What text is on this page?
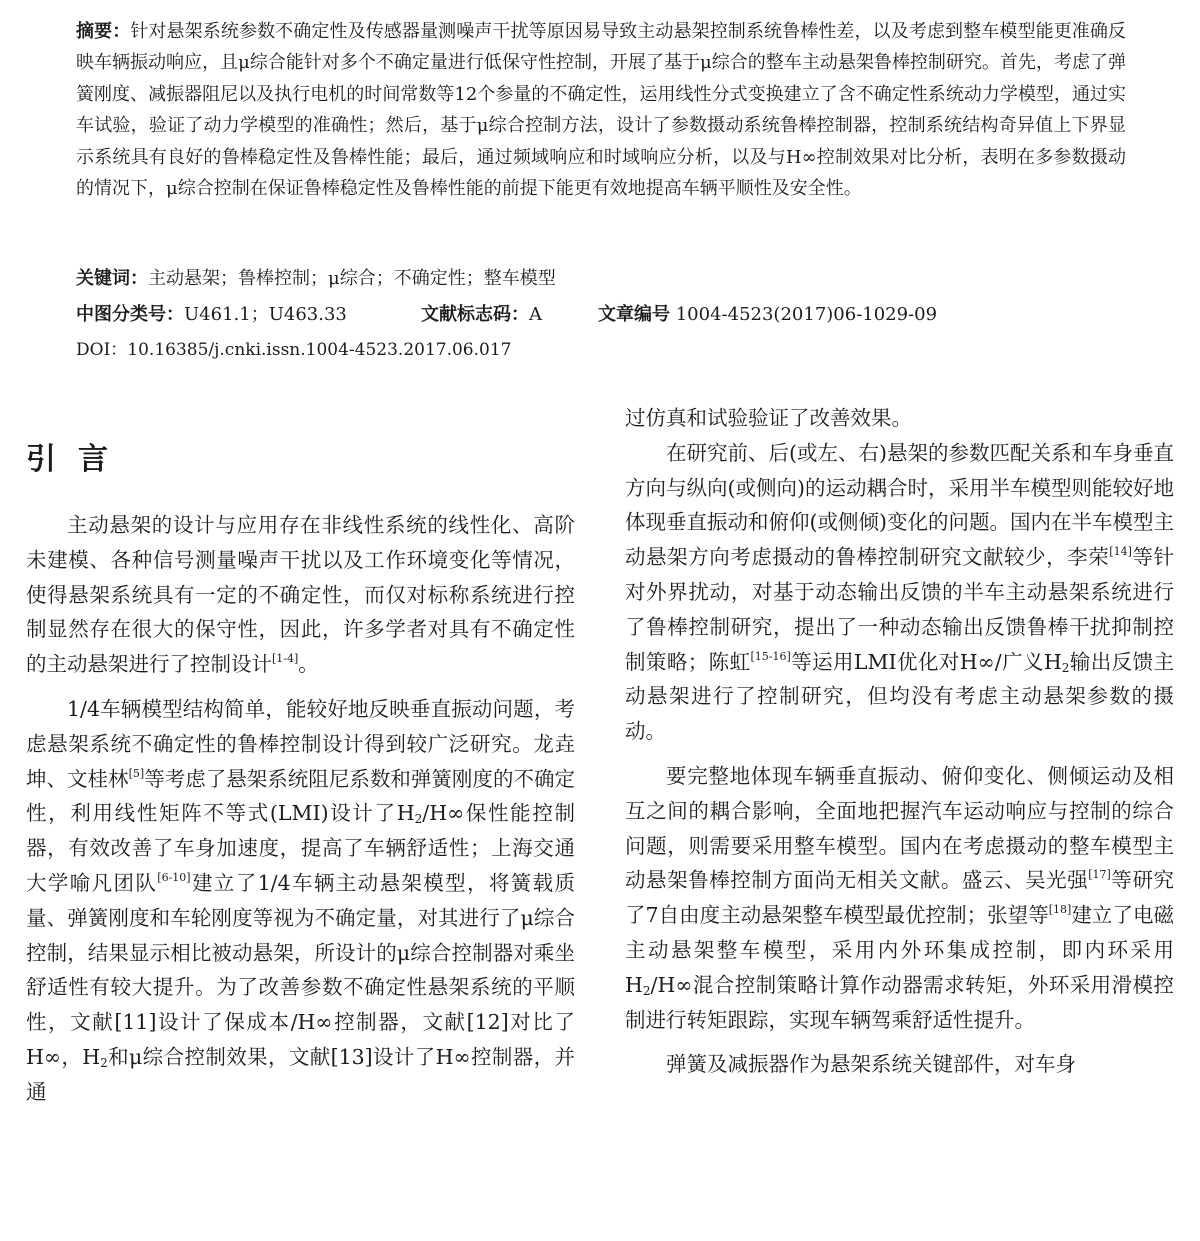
摘要：针对悬架系统参数不确定性及传感器量测噪声干扰等原因易导致主动悬架控制系统鲁棒性差，以及考虑到整车模型能更准确反映车辆振动响应，且μ综合能针对多个不确定量进行低保守性控制，开展了基于μ综合的整车主动悬架鲁棒控制研究。首先，考虑了弹簧刚度、减振器阻尼以及执行电机的时间常数等12个参量的不确定性，运用线性分式变换建立了含不确定性系统动力学模型，通过实车试验，验证了动力学模型的准确性；然后，基于μ综合控制方法，设计了参数摄动系统鲁棒控制器，控制系统结构奇异值上下界显示系统具有良好的鲁棒稳定性及鲁棒性能；最后，通过频域响应和时域响应分析，以及与H∞控制效果对比分析，表明在多参数摄动的情况下，μ综合控制在保证鲁棒稳定性及鲁棒性能的前提下能更有效地提高车辆平顺性及安全性。
关键词：主动悬架；鲁棒控制；μ综合；不确定性；整车模型
中图分类号：U461.1；U463.33	文献标志码：A	文章编号 1004-4523(2017)06-1029-09
DOI：10.16385/j.cnki.issn.1004-4523.2017.06.017
引言

主动悬架的设计与应用存在非线性系统的线性化、高阶未建模、各种信号测量噪声干扰以及工作环境变化等情况，使得悬架系统具有一定的不确定性，而仅对标称系统进行控制显然存在很大的保守性，因此，许多学者对具有不确定性的主动悬架进行了控制设计[1-4]。

1/4车辆模型结构简单，能较好地反映垂直振动问题，考虑悬架系统不确定性的鲁棒控制设计得到较广泛研究。龙垚坤、文桂林[5]等考虑了悬架系统阻尼系数和弹簧刚度的不确定性，利用线性矩阵不等式(LMI)设计了$H_2/H\infty$保性能控制器，有效改善了车身加速度，提高了车辆舒适性；上海交通大学喻凡团队[6-10]建立了1/4车辆主动悬架模型，将簧载质量、弹簧刚度和车轮刚度等视为不确定量，对其进行了μ综合控制，结果显示相比被动悬架，所设计的μ综合控制器对乘坐舒适性有较大提升。为了改善参数不确定性悬架系统的平顺性，文献[11]设计了保成本/H∞控制器，文献[12]对比了H∞，$H_2$和μ综合控制效果，文献[13]设计了H∞控制器，并通

过仿真和试验验证了改善效果。

在研究前、后(或左、右)悬架的参数匹配关系和车身垂直方向与纵向(或侧向)的运动耦合时，采用半车模型则能较好地体现垂直振动和俯仰(或侧倾)变化的问题。国内在半车模型主动悬架方向考虑摄动的鲁棒控制研究文献较少，李荣[14]等针对外界扰动，对基于动态输出反馈的半车主动悬架系统进行了鲁棒控制研究，提出了一种动态输出反馈鲁棒干扰抑制控制策略；陈虹[15-16]等运用LMI优化对H∞/广义$H_2$输出反馈主动悬架进行了控制研究，但均没有考虑主动悬架参数的摄动。

要完整地体现车辆垂直振动、俯仰变化、侧倾运动及相互之间的耦合影响，全面地把握汽车运动响应与控制的综合问题，则需要采用整车模型。国内在考虑摄动的整车模型主动悬架鲁棒控制方面尚无相关文献。盛云、吴光强[17]等研究了7自由度主动悬架整车模型最优控制；张望等[18]建立了电磁主动悬架整车模型，采用内外环集成控制，即内环采用$H_2/H\infty$混合控制策略计算作动器需求转矩，外环采用滑模控制进行转矩跟踪，实现车辆驾乘舒适性提升。

弹簧及减振器作为悬架系统关键部件，对车身
